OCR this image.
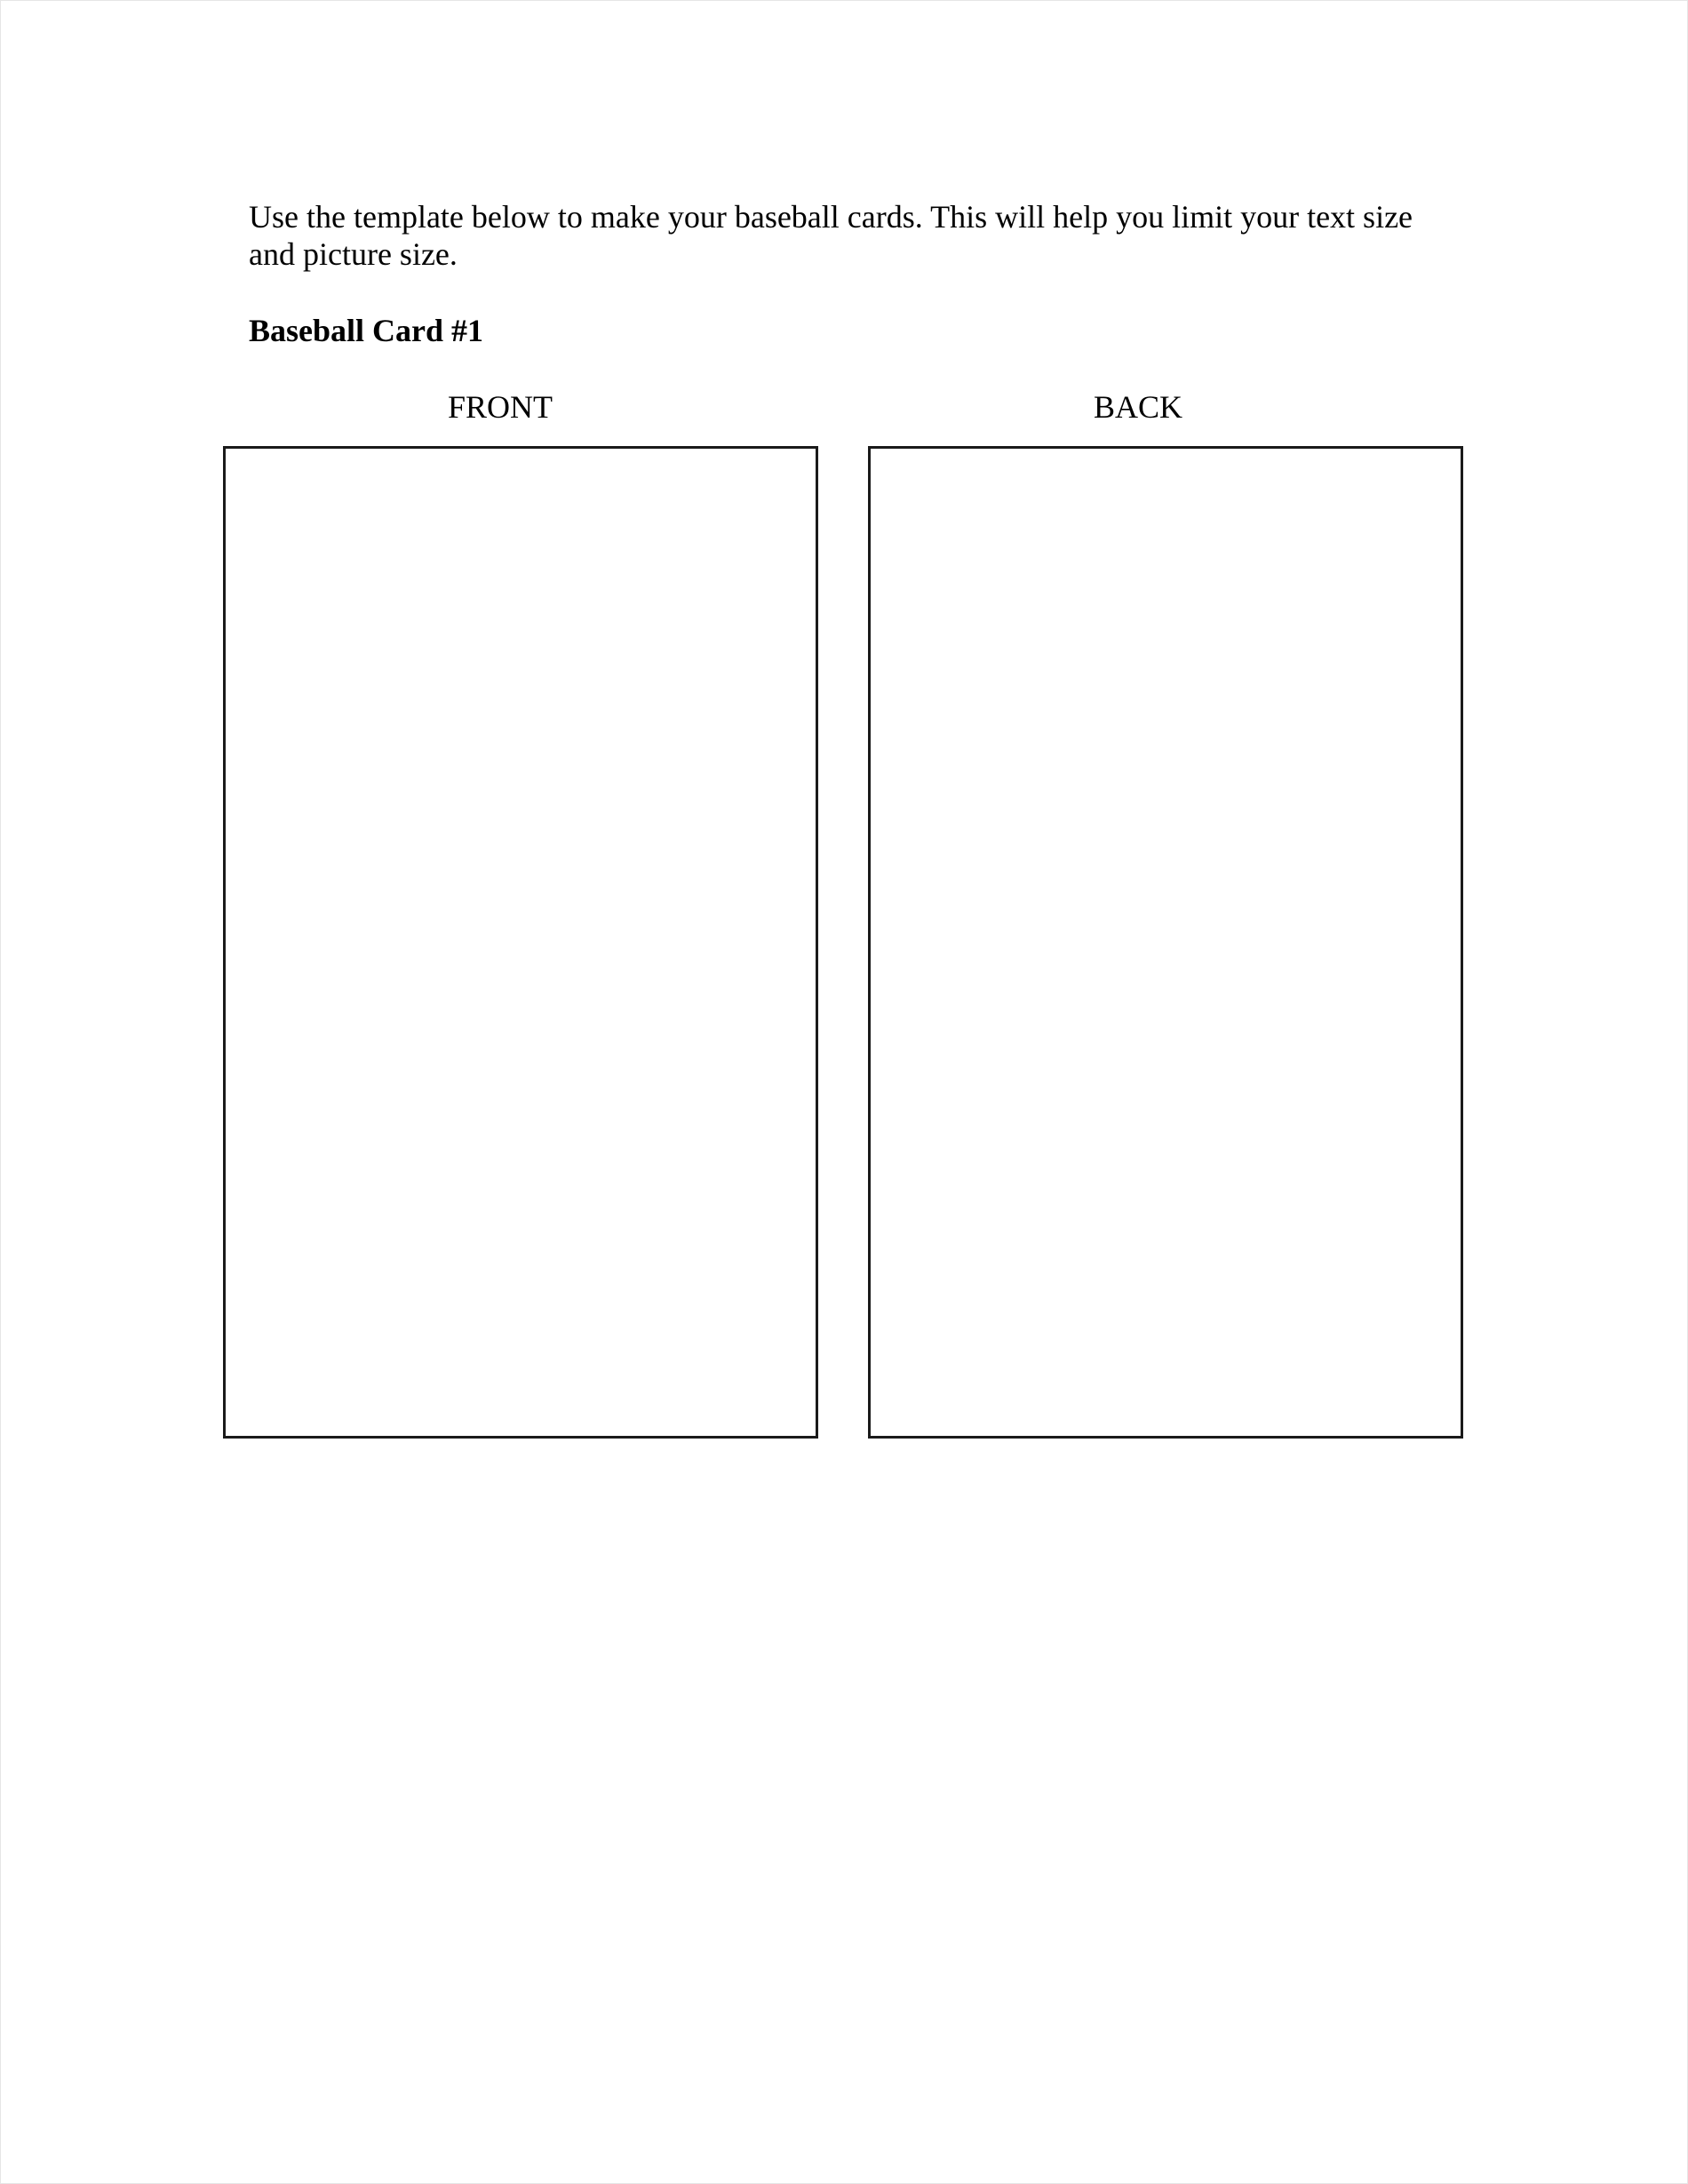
Use the template below to make your baseball cards. This will help you limit your text size and picture size.

Baseball Card #1
FRONT	BACK
